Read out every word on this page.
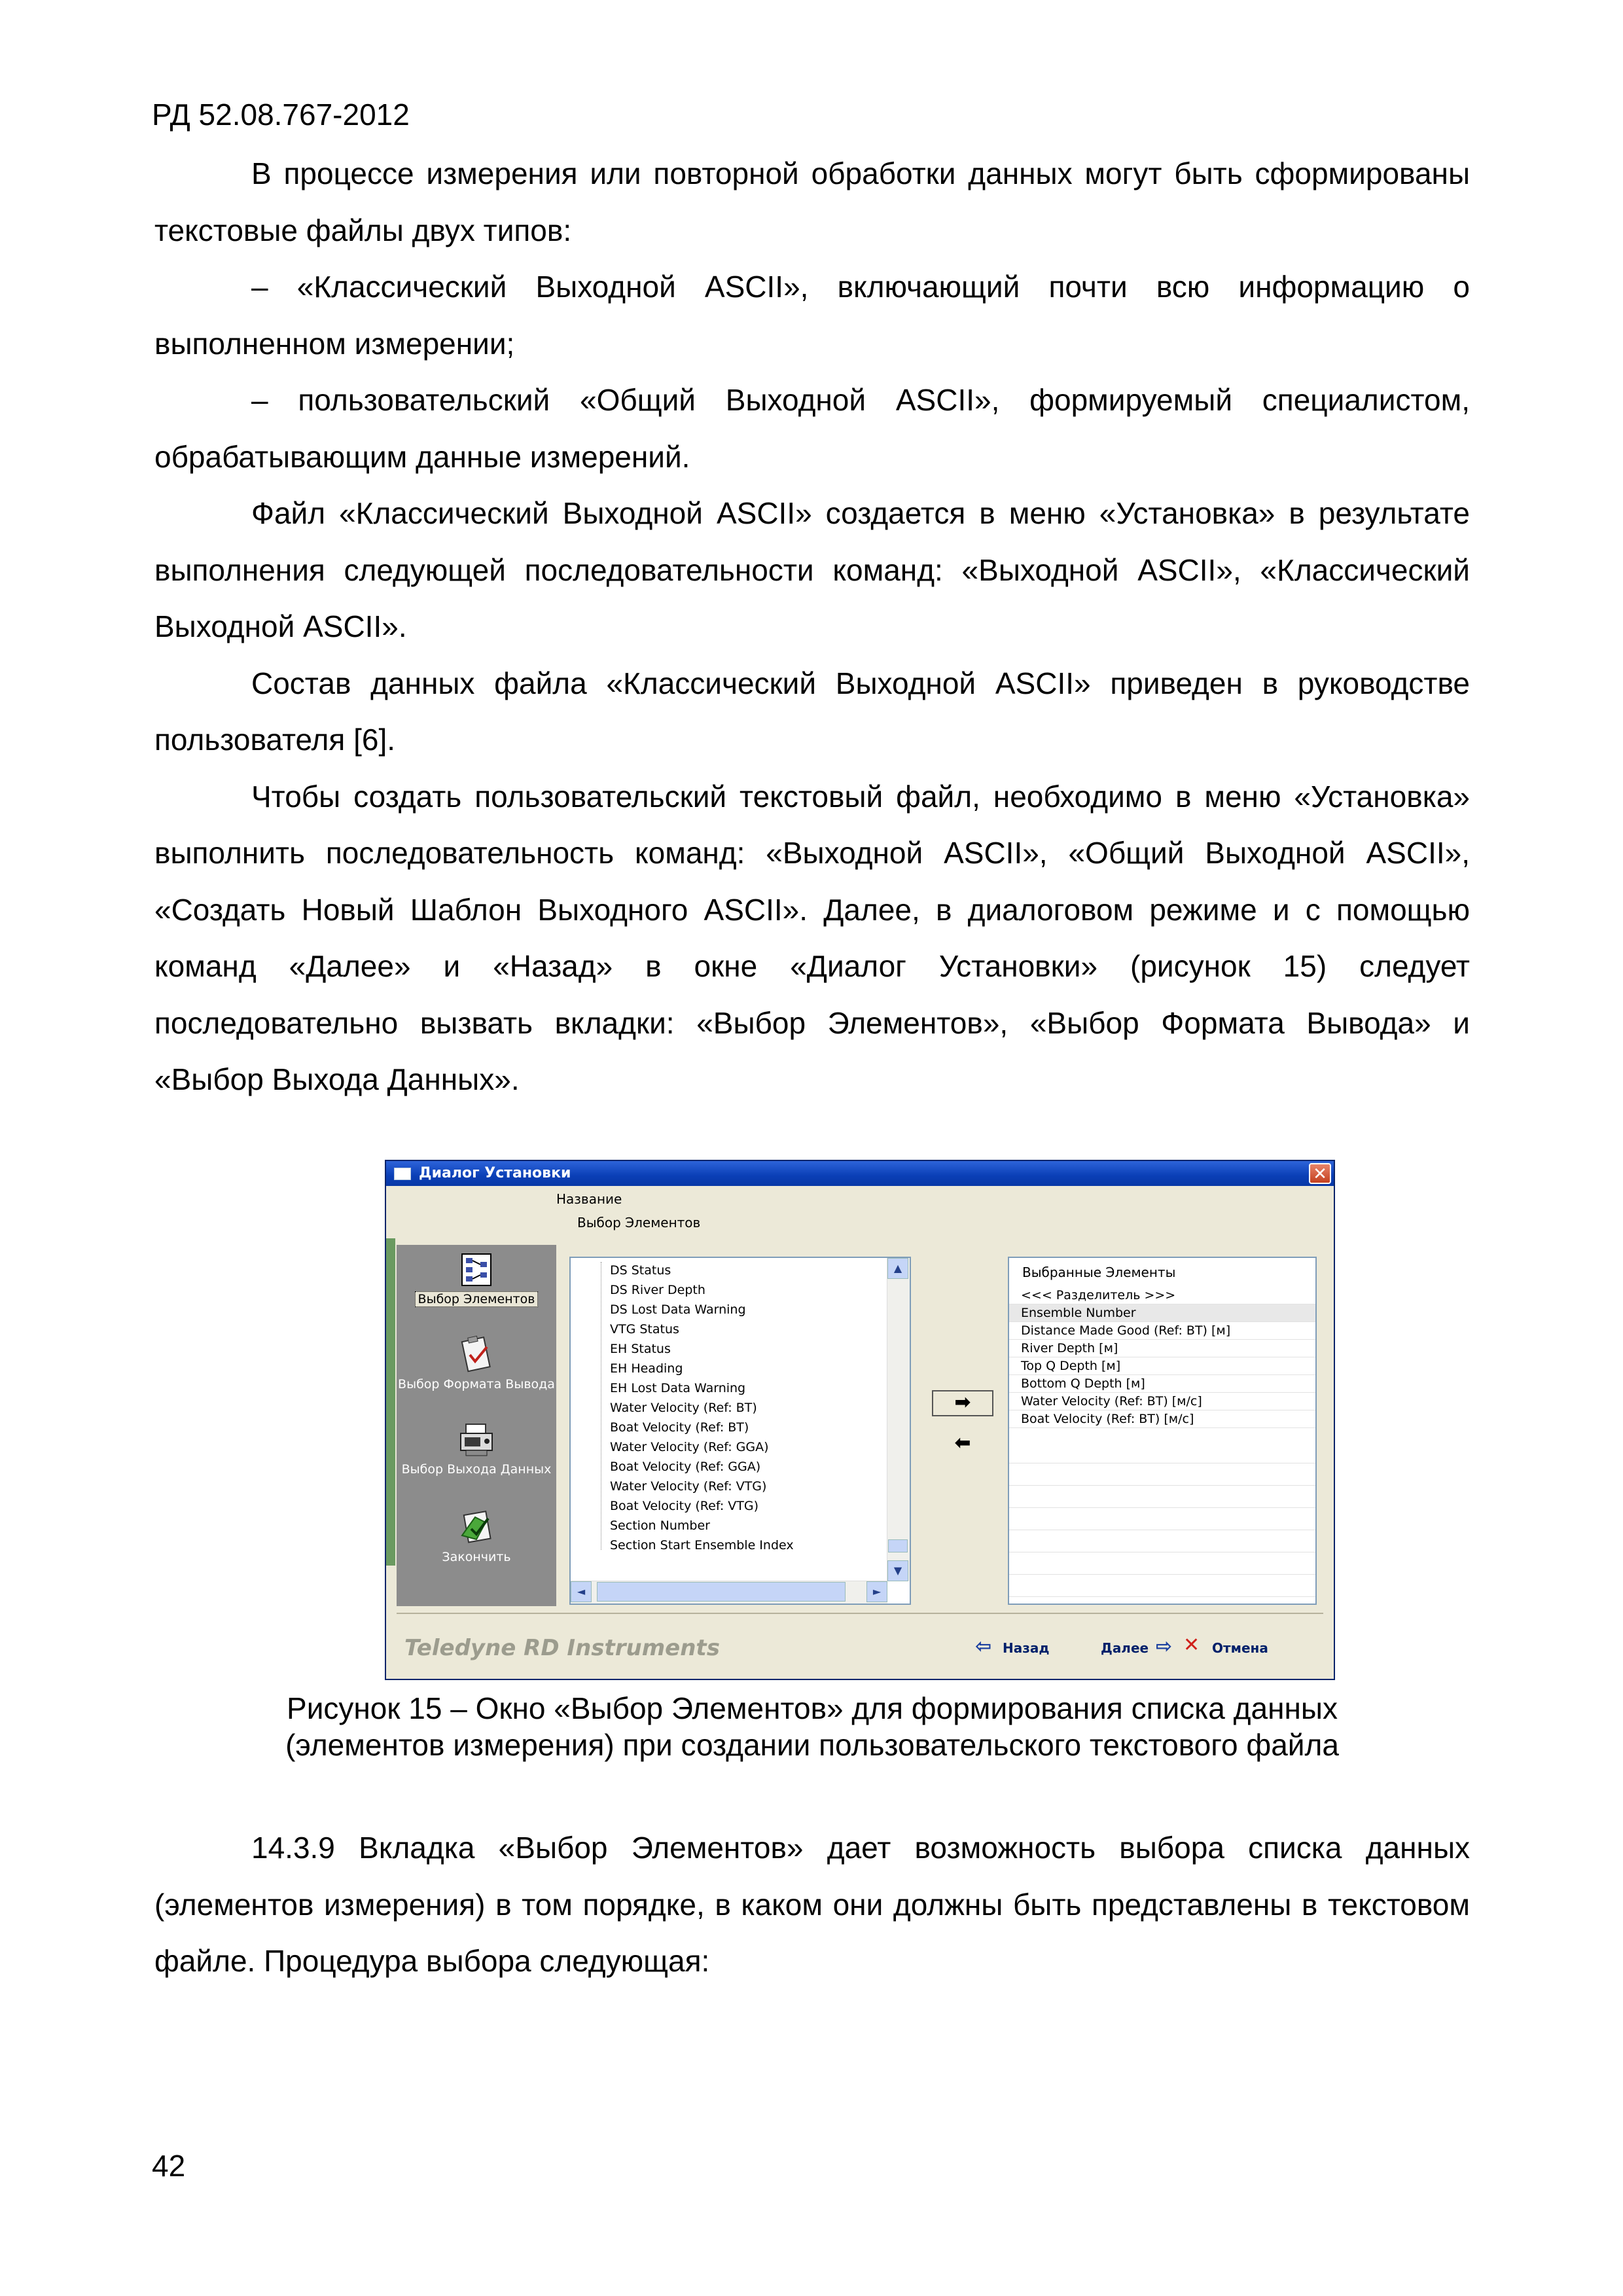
РД 52.08.767-2012

В процессе измерения или повторной обработки данных могут быть сформированы текстовые файлы двух типов:

– «Классический Выходной ASCII», включающий почти всю информацию о выполненном измерении;

– пользовательский «Общий Выходной ASCII», формируемый специалистом, обрабатывающим данные измерений.

Файл «Классический Выходной ASCII» создается в меню «Установка» в результате выполнения следующей последовательности команд: «Выходной ASCII», «Классический Выходной ASCII».

Состав данных файла «Классический Выходной ASCII» приведен в руководстве пользователя [6].

Чтобы создать пользовательский текстовый файл, необходимо в меню «Установка» выполнить последовательность команд: «Выходной ASCII», «Общий Выходной ASCII», «Создать Новый Шаблон Выходного ASCII». Далее, в диалоговом режиме и с помощью команд «Далее» и «Назад» в окне «Диалог Установки» (рисунок 15) следует последовательно вызвать вкладки: «Выбор Элементов», «Выбор Формата Вывода» и «Выбор Выхода Данных».

Диалог Установки	✕
Название
Выбор Элементов
Выбор Элементов
Выбор Формата Вывода
Выбор Выхода Данных
Закончить
DS Status
DS River Depth
DS Lost Data Warning
VTG Status
EH Status
EH Heading
EH Lost Data Warning
Water Velocity (Ref: BT)
Boat Velocity (Ref: BT)
Water Velocity (Ref: GGA)
Boat Velocity (Ref: GGA)
Water Velocity (Ref: VTG)
Boat Velocity (Ref: VTG)
Section Number
Section Start Ensemble Index
▲
▼
◄	►
➡
⬅
Выбранные Элементы
<<< Разделитель >>>
Ensemble Number
Distance Made Good (Ref: BT) [м]
River Depth [м]
Top Q Depth [м]
Bottom Q Depth [м]
Water Velocity (Ref: BT) [м/с]
Boat Velocity (Ref: BT) [м/с]
Teledyne RD Instruments	⇦ Назад	Далее ⇨ ✕ Отмена
Рисунок 15 – Окно «Выбор Элементов» для формирования списка данных
(элементов измерения) при создании пользовательского текстового файла

14.3.9 Вкладка «Выбор Элементов» дает возможность выбора списка данных (элементов измерения) в том порядке, в каком они должны быть представлены в текстовом файле. Процедура выбора следующая:

42
